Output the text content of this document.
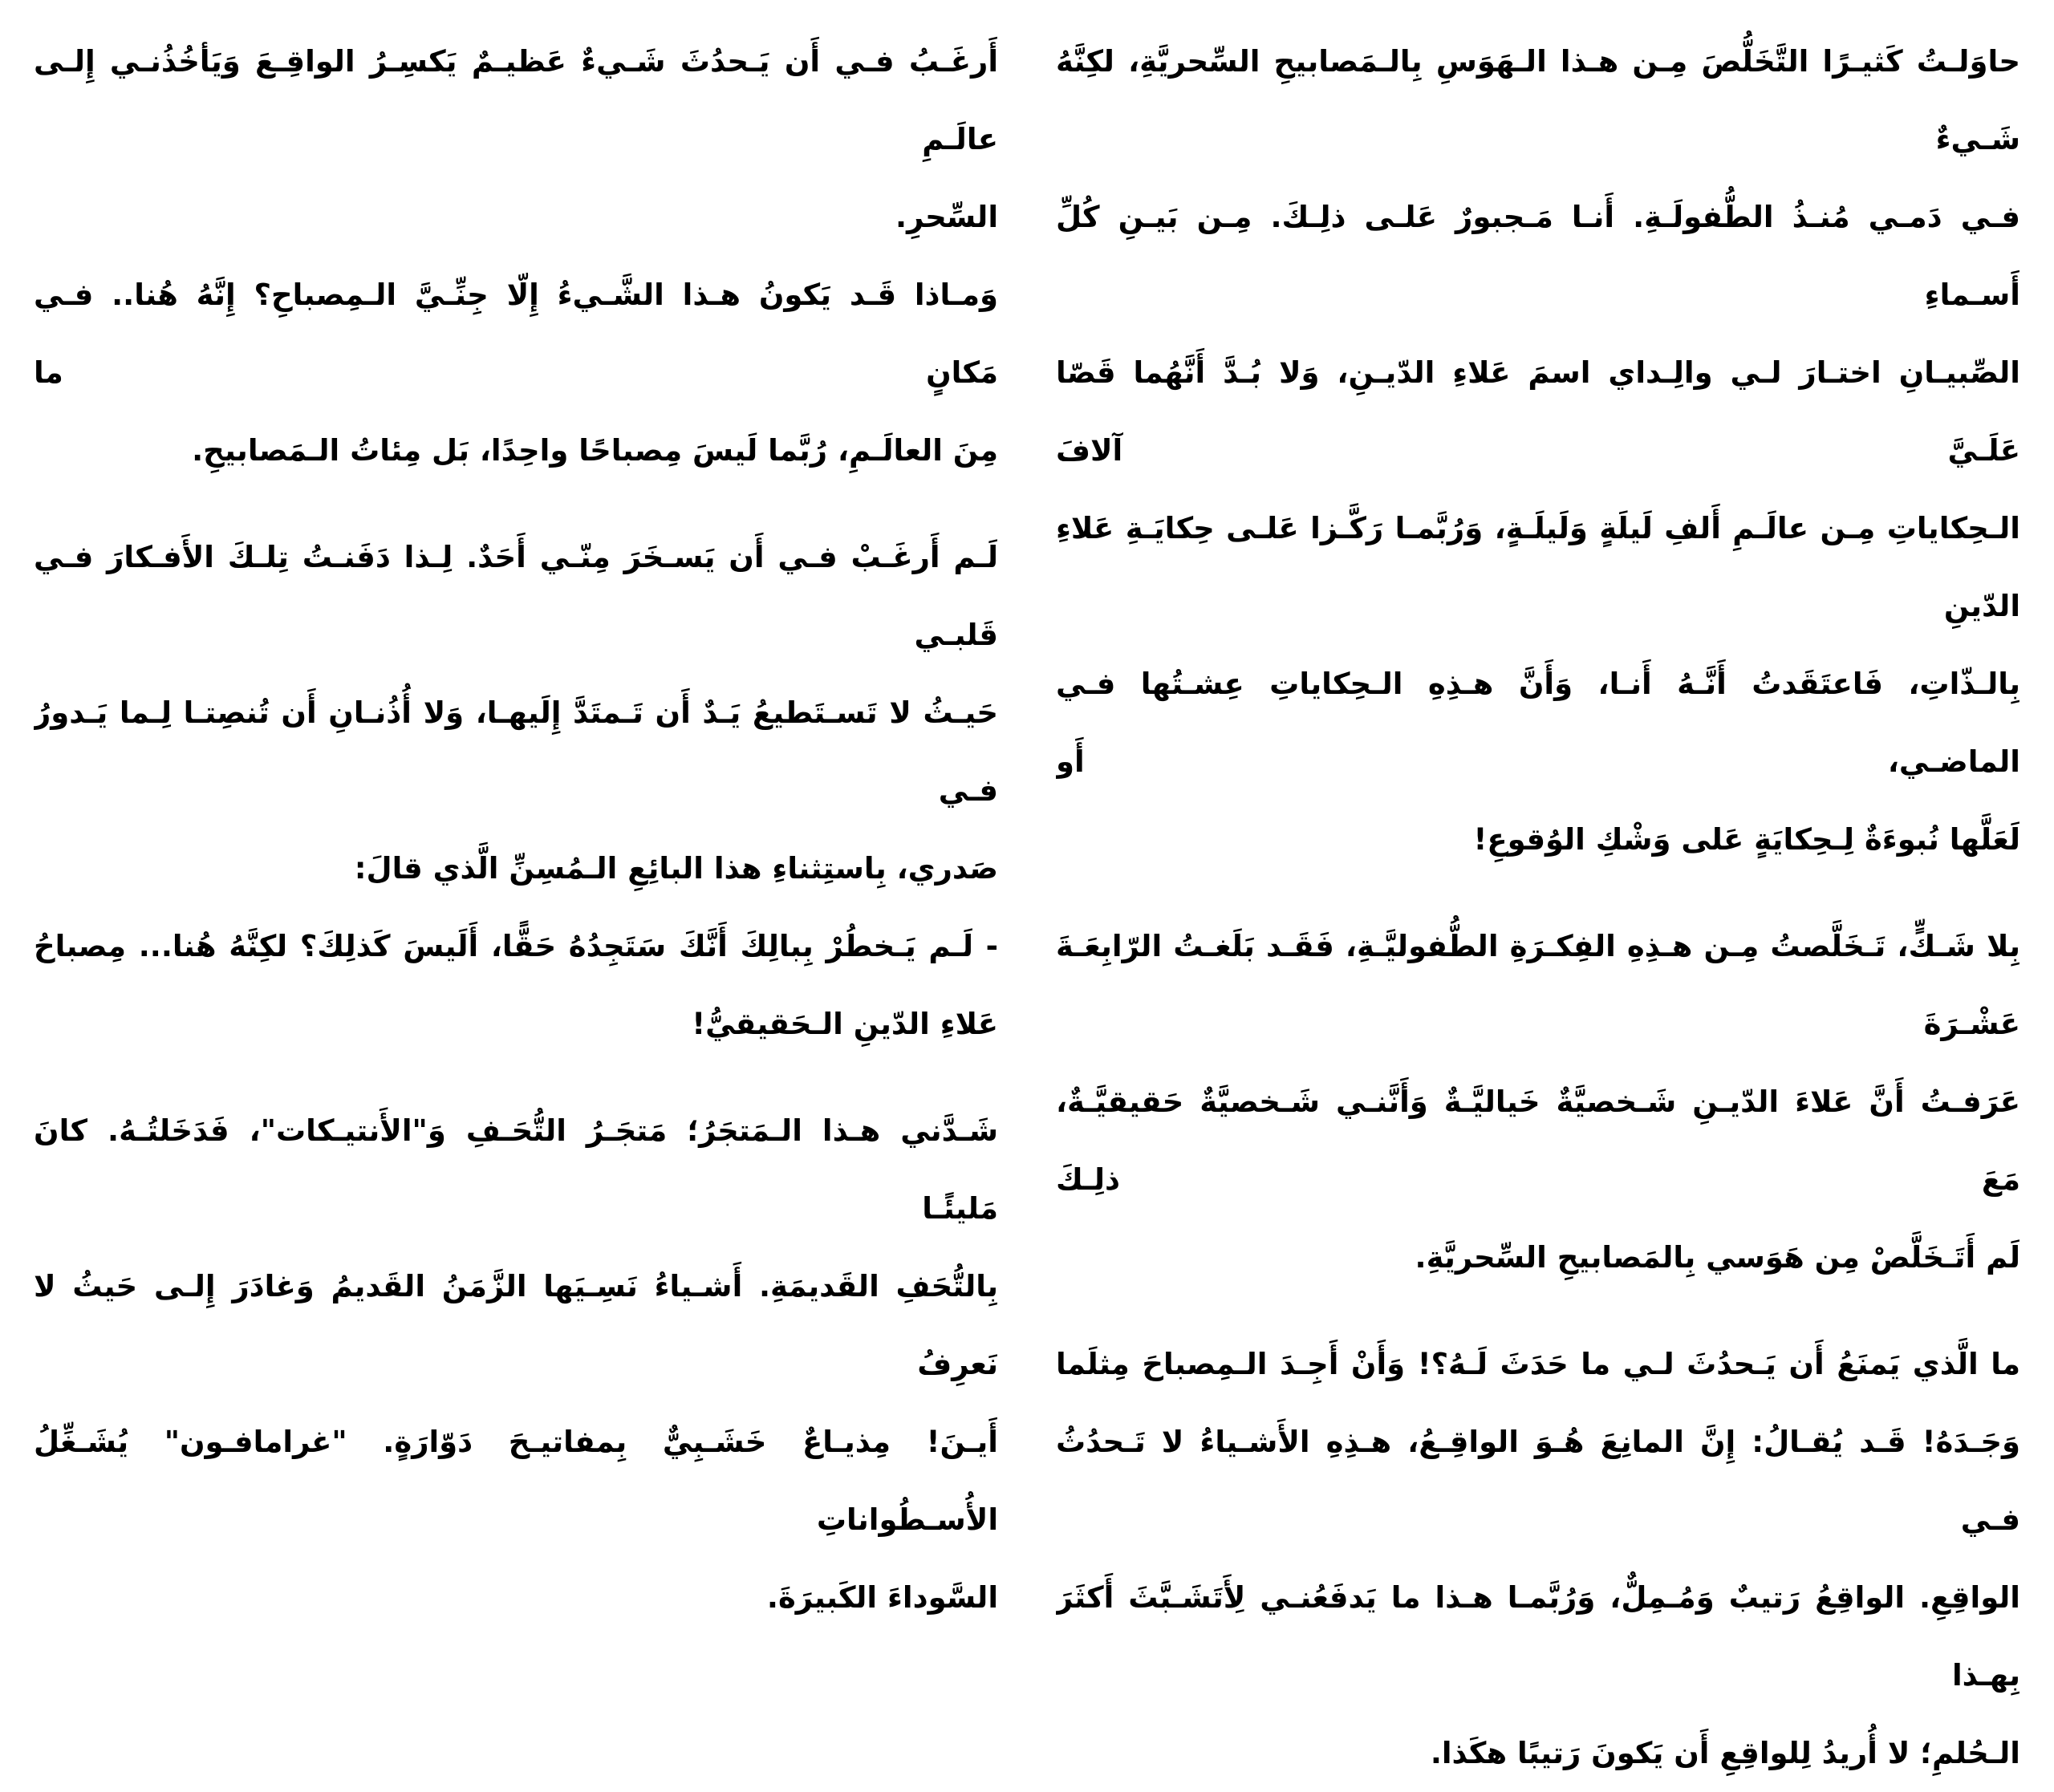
حاوَلـتُ كَثيـرًا التَّخَلُّصَ مِـن هـذا الـهَوَسِ بِالـمَصابيحِ السِّحريَّةِ، لكِنَّهُ شَـيءٌ
فـي دَمـي مُنـذُ الطُّفولَـةِ. أَنـا مَـجبورٌ عَلـى ذلِـكَ. مِـن بَيـنِ كُلِّ أَسـماءِ
الصِّبيـانِ اختـارَ لـي والِـداي اسمَ عَلاءِ الدّيـنِ، وَلا بُـدَّ أَنَّهُما قَصّا عَلَـيَّ آلافَ
الـحِكاياتِ مِـن عالَـمِ أَلفِ لَيلَةٍ وَلَيلَـةٍ، وَرُبَّمـا رَكَّـزا عَلـى حِكايَـةِ عَلاءِ الدّينِ
بِالـذّاتِ، فَاعتَقَدتُ أَنَّـهُ أَنـا، وَأَنَّ هـذِهِ الـحِكاياتِ عِشـتُها فـي الماضـي، أَو
لَعَلَّها نُبوءَةٌ لِـحِكايَةٍ عَلى وَشْكِ الوُقوعِ!
بِلا شَـكٍّ، تَـخَلَّصتُ مِـن هـذِهِ الفِكـرَةِ الطُّفوليَّـةِ، فَقَـد بَلَغـتُ الرّابِعَـةَ عَشْـرَةَ
عَرَفـتُ أَنَّ عَلاءَ الدّيـنِ شَـخصيَّةٌ خَياليَّـةٌ وَأَنَّنـي شَـخصيَّةٌ حَقيقيَّـةٌ، مَعَ ذلِـكَ
لَم أَتَـخَلَّصْ مِن هَوَسي بِالمَصابيحِ السِّحريَّةِ.
ما الَّذي يَمنَعُ أَن يَـحدُثَ لـي ما حَدَثَ لَـهُ؟! وَأَنْ أَجِـدَ الـمِصباحَ مِثلَما
وَجَـدَهُ! قَـد يُقـالُ: إِنَّ المانِعَ هُـوَ الواقِـعُ، هـذِهِ الأَشـياءُ لا تَـحدُثُ فـي
الواقِعِ. الواقِعُ رَتيبٌ وَمُـمِلٌّ، وَرُبَّمـا هـذا ما يَدفَعُنـي لِأَتَشَـبَّثَ أَكثَرَ بِهـذا
الـحُلمِ؛ لا أُريدُ لِلواقِعِ أَن يَكونَ رَتيبًا هكَذا.
أَرغَـبُ فـي أَن يَـحدُثَ شَـيءٌ عَظيـمٌ يَكسِـرُ الواقِـعَ وَيَأخُذُنـي إِلـى عالَـمِ
السِّحرِ.
وَمـاذا قَـد يَكونُ هـذا الشَّـيءُ إِلّا جِنِّـيَّ الـمِصباحِ؟ إِنَّهُ هُنا.. فـي مَكانٍ ما
مِنَ العالَـمِ، رُبَّما لَيسَ مِصباحًا واحِدًا، بَل مِئاتُ الـمَصابيحِ.
لَـم أَرغَـبْ فـي أَن يَسـخَرَ مِنّـي أَحَدٌ. لِـذا دَفَنـتُ تِلـكَ الأَفـكارَ فـي قَلبـي
حَيـثُ لا تَسـتَطيعُ يَـدٌ أَن تَـمتَدَّ إِلَيهـا، وَلا أُذُنـانِ أَن تُنصِتـا لِـما يَـدورُ فـي
صَدري، بِاستِثناءِ هذا البائِعِ الـمُسِنِّ الَّذي قالَ:
- لَـم يَـخطُرْ بِبالِكَ أَنَّكَ سَتَجِدُهُ حَقًّا، أَلَيسَ كَذلِكَ؟ لكِنَّهُ هُنا... مِصباحُ
عَلاءِ الدّينِ الـحَقيقيُّ!
شَـدَّني هـذا الـمَتجَرُ؛ مَتجَـرُ التُّحَـفِ وَ"الأَنتيـكات"، فَدَخَلتُـهُ. كانَ مَليئًـا
بِالتُّحَفِ القَديمَةِ. أَشـياءُ نَسِـيَها الزَّمَنُ القَديمُ وَغادَرَ إِلـى حَيثُ لا نَعرِفُ
أَيـنَ! مِذيـاعٌ خَشَـبِيٌّ بِمفاتيـحَ دَوّارَةٍ. "غرامافـون" يُشَـغِّلُ الأُسـطُواناتِ
السَّوداءَ الكَبيرَةَ.
